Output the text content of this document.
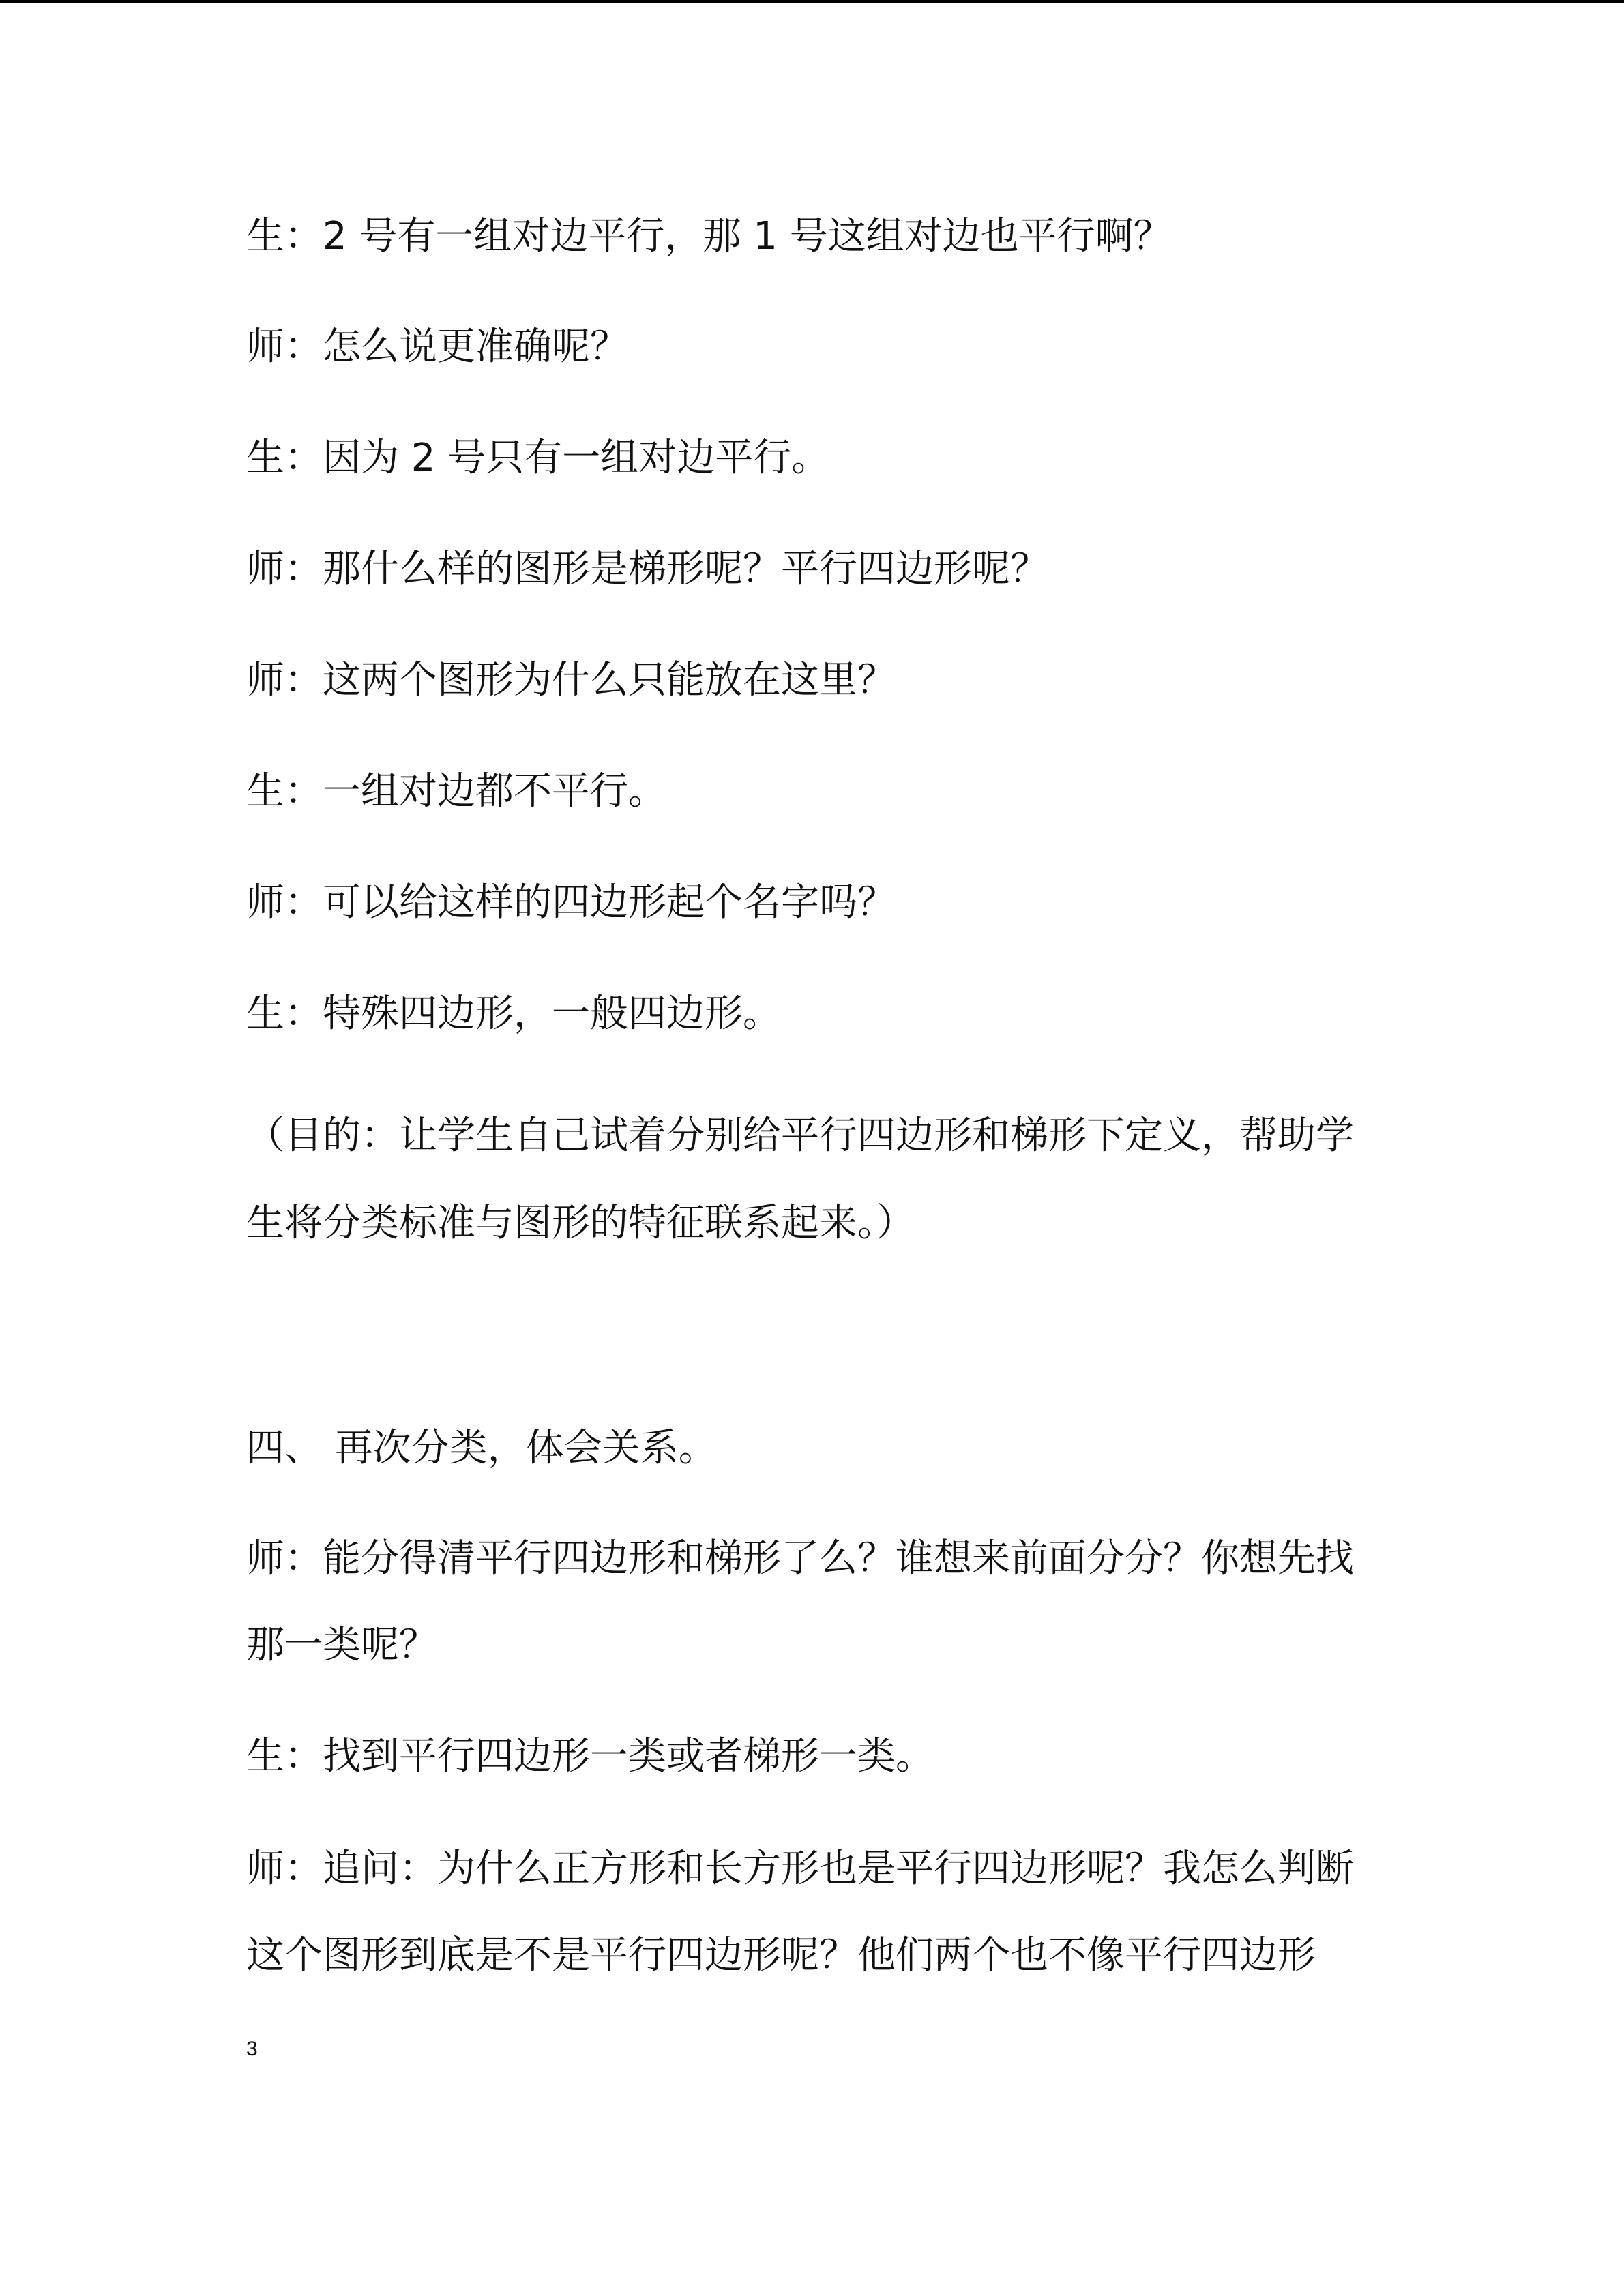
生：2 号有一组对边平行，那 1 号这组对边也平行啊？
师：怎么说更准确呢？
生：因为 2 号只有一组对边平行。
师：那什么样的图形是梯形呢？平行四边形呢？
师：这两个图形为什么只能放在这里？
生：一组对边都不平行。
师：可以给这样的四边形起个名字吗？
生：特殊四边形，一般四边形。
（目的：让学生自己试着分别给平行四边形和梯形下定义，帮助学
生将分类标准与图形的特征联系起来。）
四、 再次分类，体会关系。
师：能分得清平行四边形和梯形了么？谁想来前面分分？你想先找
那一类呢？
生：找到平行四边形一类或者梯形一类。
师：追问：为什么正方形和长方形也是平行四边形呢？我怎么判断
这个图形到底是不是平行四边形呢？他们两个也不像平行四边形
3
